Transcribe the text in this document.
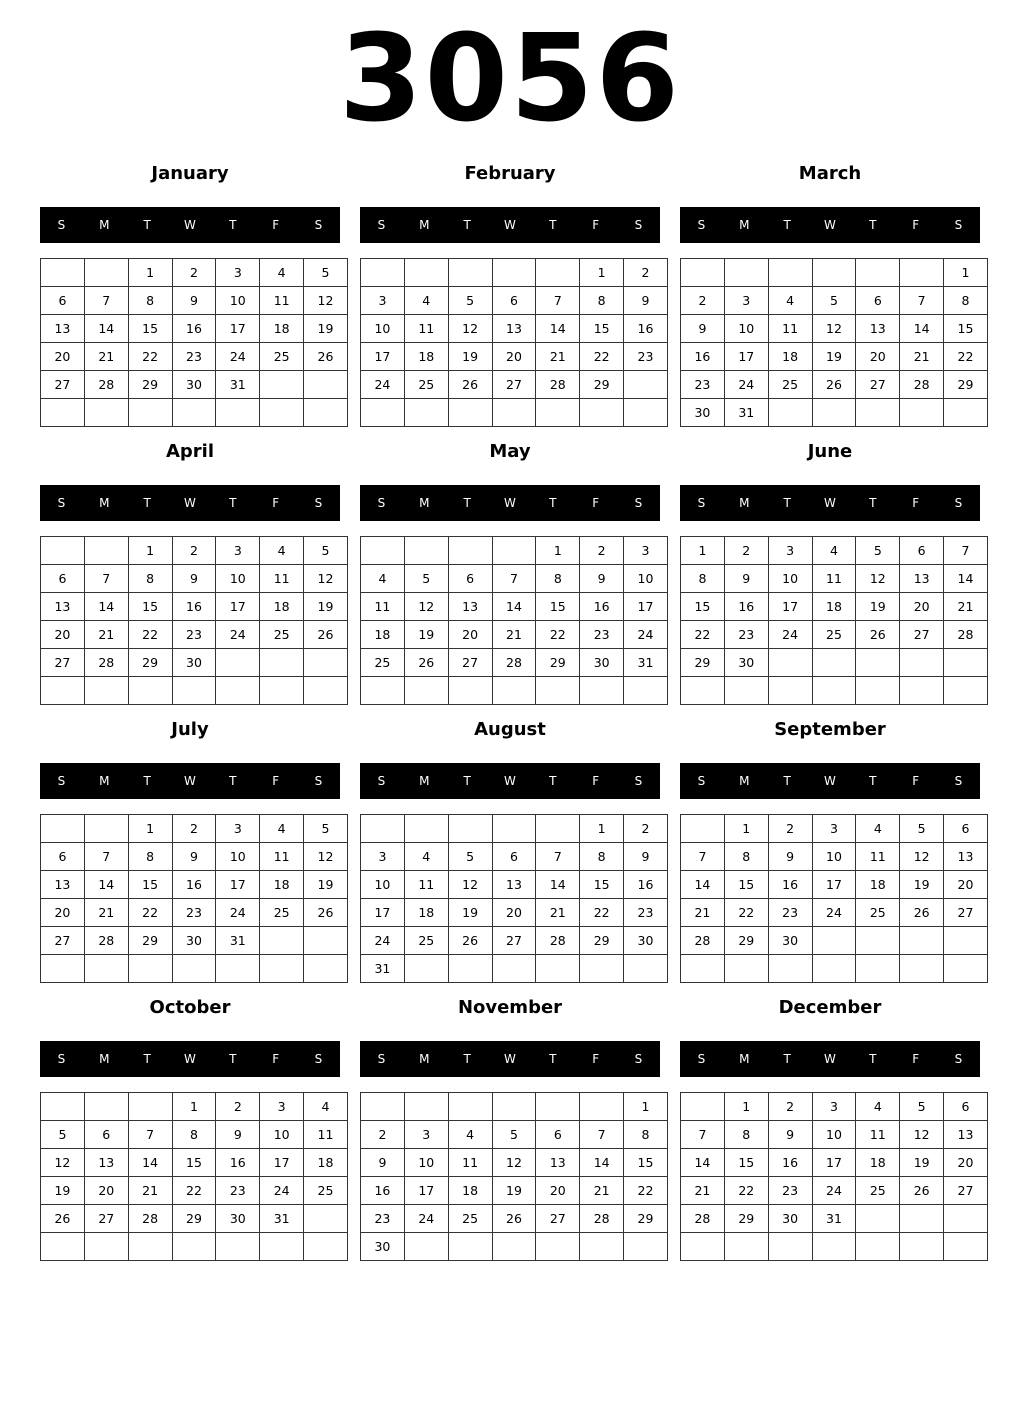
3056
January
S	M	T	W	T	F	S
		1	2	3	4	5
6	7	8	9	10	11	12
13	14	15	16	17	18	19
20	21	22	23	24	25	26
27	28	29	30	31		

February
S	M	T	W	T	F	S
					1	2
3	4	5	6	7	8	9
10	11	12	13	14	15	16
17	18	19	20	21	22	23
24	25	26	27	28	29	

March
S	M	T	W	T	F	S
						1
2	3	4	5	6	7	8
9	10	11	12	13	14	15
16	17	18	19	20	21	22
23	24	25	26	27	28	29
30	31					
April
S	M	T	W	T	F	S
		1	2	3	4	5
6	7	8	9	10	11	12
13	14	15	16	17	18	19
20	21	22	23	24	25	26
27	28	29	30			

May
S	M	T	W	T	F	S
				1	2	3
4	5	6	7	8	9	10
11	12	13	14	15	16	17
18	19	20	21	22	23	24
25	26	27	28	29	30	31

June
S	M	T	W	T	F	S
1	2	3	4	5	6	7
8	9	10	11	12	13	14
15	16	17	18	19	20	21
22	23	24	25	26	27	28
29	30					

July
S	M	T	W	T	F	S
		1	2	3	4	5
6	7	8	9	10	11	12
13	14	15	16	17	18	19
20	21	22	23	24	25	26
27	28	29	30	31		

August
S	M	T	W	T	F	S
					1	2
3	4	5	6	7	8	9
10	11	12	13	14	15	16
17	18	19	20	21	22	23
24	25	26	27	28	29	30
31						
September
S	M	T	W	T	F	S
	1	2	3	4	5	6
7	8	9	10	11	12	13
14	15	16	17	18	19	20
21	22	23	24	25	26	27
28	29	30				

October
S	M	T	W	T	F	S
			1	2	3	4
5	6	7	8	9	10	11
12	13	14	15	16	17	18
19	20	21	22	23	24	25
26	27	28	29	30	31	

November
S	M	T	W	T	F	S
						1
2	3	4	5	6	7	8
9	10	11	12	13	14	15
16	17	18	19	20	21	22
23	24	25	26	27	28	29
30						
December
S	M	T	W	T	F	S
	1	2	3	4	5	6
7	8	9	10	11	12	13
14	15	16	17	18	19	20
21	22	23	24	25	26	27
28	29	30	31			
